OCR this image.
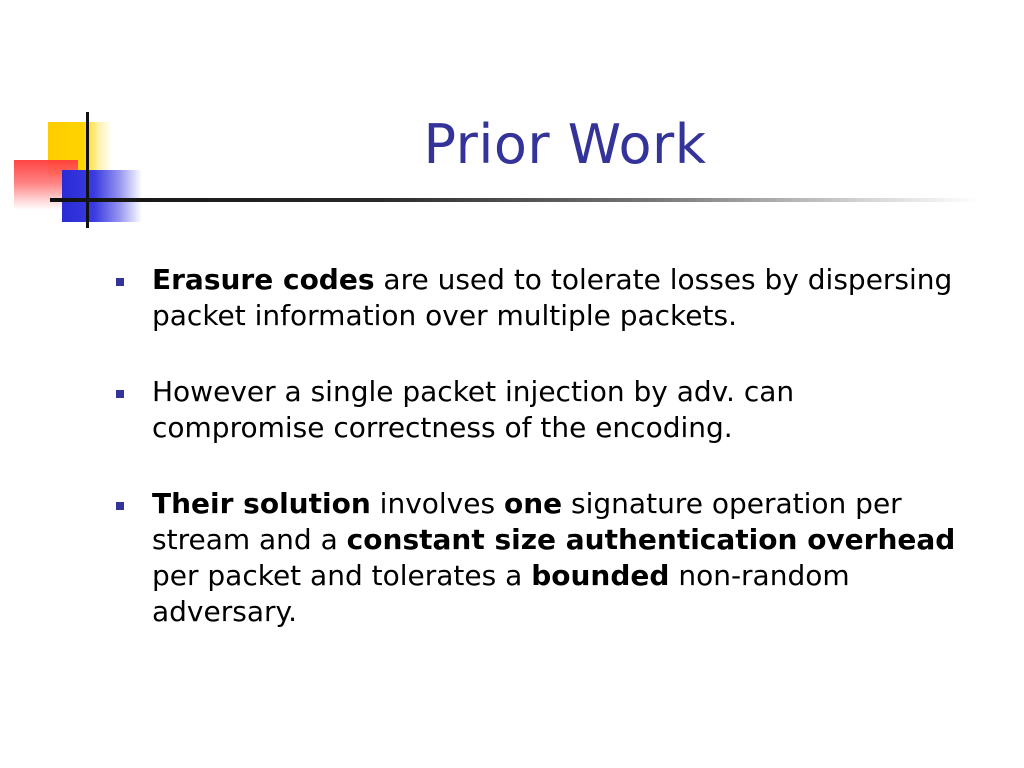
Prior Work
Erasure codes are used to tolerate losses by dispersing packet information over multiple packets.
However a single packet injection by adv. can compromise correctness of the encoding.
Their solution involves one signature operation per stream and a constant size authentication overhead per packet and tolerates a bounded non-random adversary.
